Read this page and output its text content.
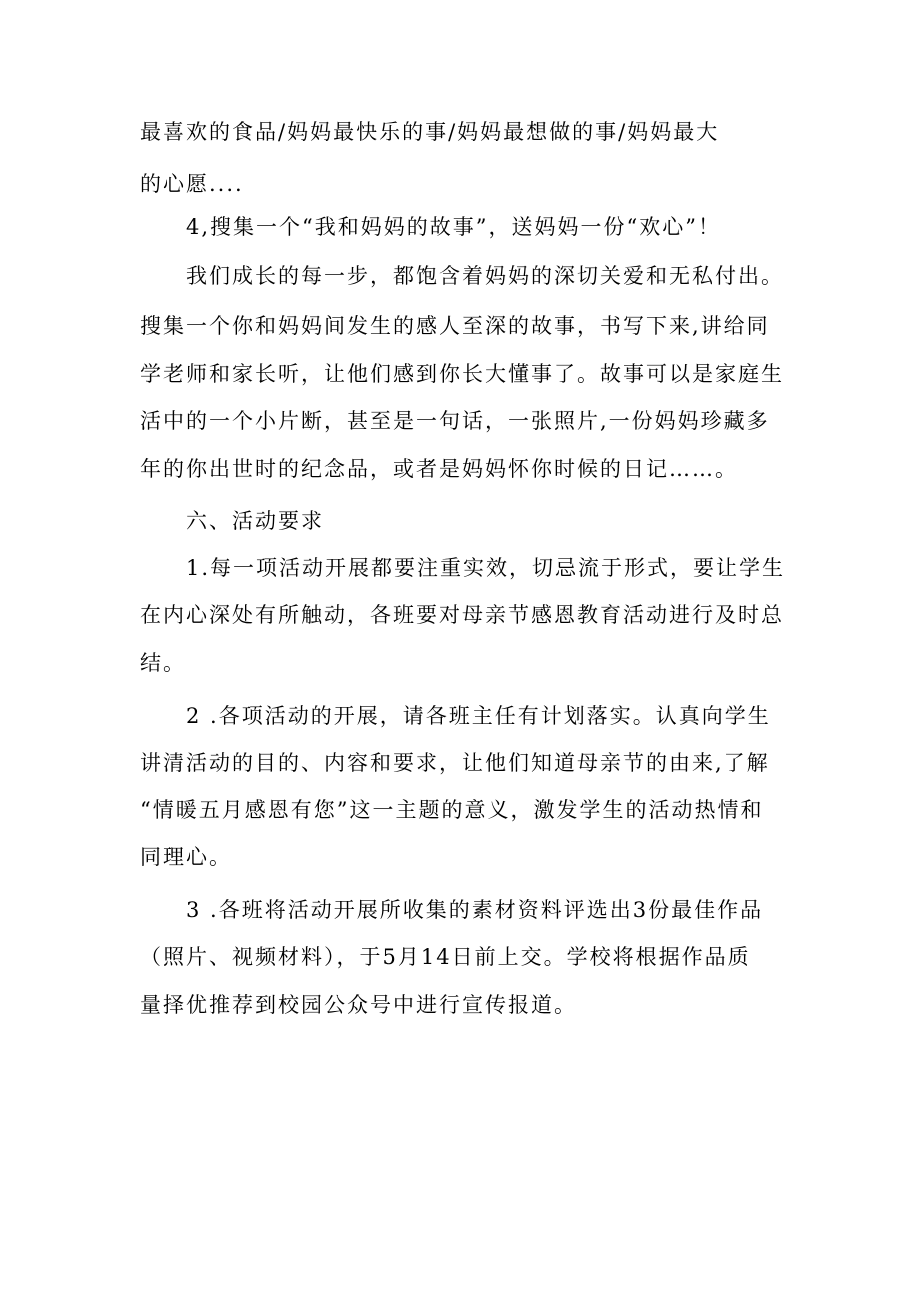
最喜欢的食品/妈妈最快乐的事/妈妈最想做的事/妈妈最大
的心愿....
4,搜集一个“我和妈妈的故事”，送妈妈一份“欢心”！
我们成长的每一步，都饱含着妈妈的深切关爱和无私付出。
搜集一个你和妈妈间发生的感人至深的故事，书写下来,讲给同
学老师和家长听，让他们感到你长大懂事了。故事可以是家庭生
活中的一个小片断，甚至是一句话，一张照片,一份妈妈珍藏多
年的你出世时的纪念品，或者是妈妈怀你时候的日记……。
六、活动要求
1.每一项活动开展都要注重实效，切忌流于形式，要让学生
在内心深处有所触动，各班要对母亲节感恩教育活动进行及时总
结。
2 .各项活动的开展，请各班主任有计划落实。认真向学生
讲清活动的目的、内容和要求，让他们知道母亲节的由来,了解
“情暖五月感恩有您”这一主题的意义，激发学生的活动热情和
同理心。
3 .各班将活动开展所收集的素材资料评选出3份最佳作品
（照片、视频材料），于5月14日前上交。学校将根据作品质
量择优推荐到校园公众号中进行宣传报道。
